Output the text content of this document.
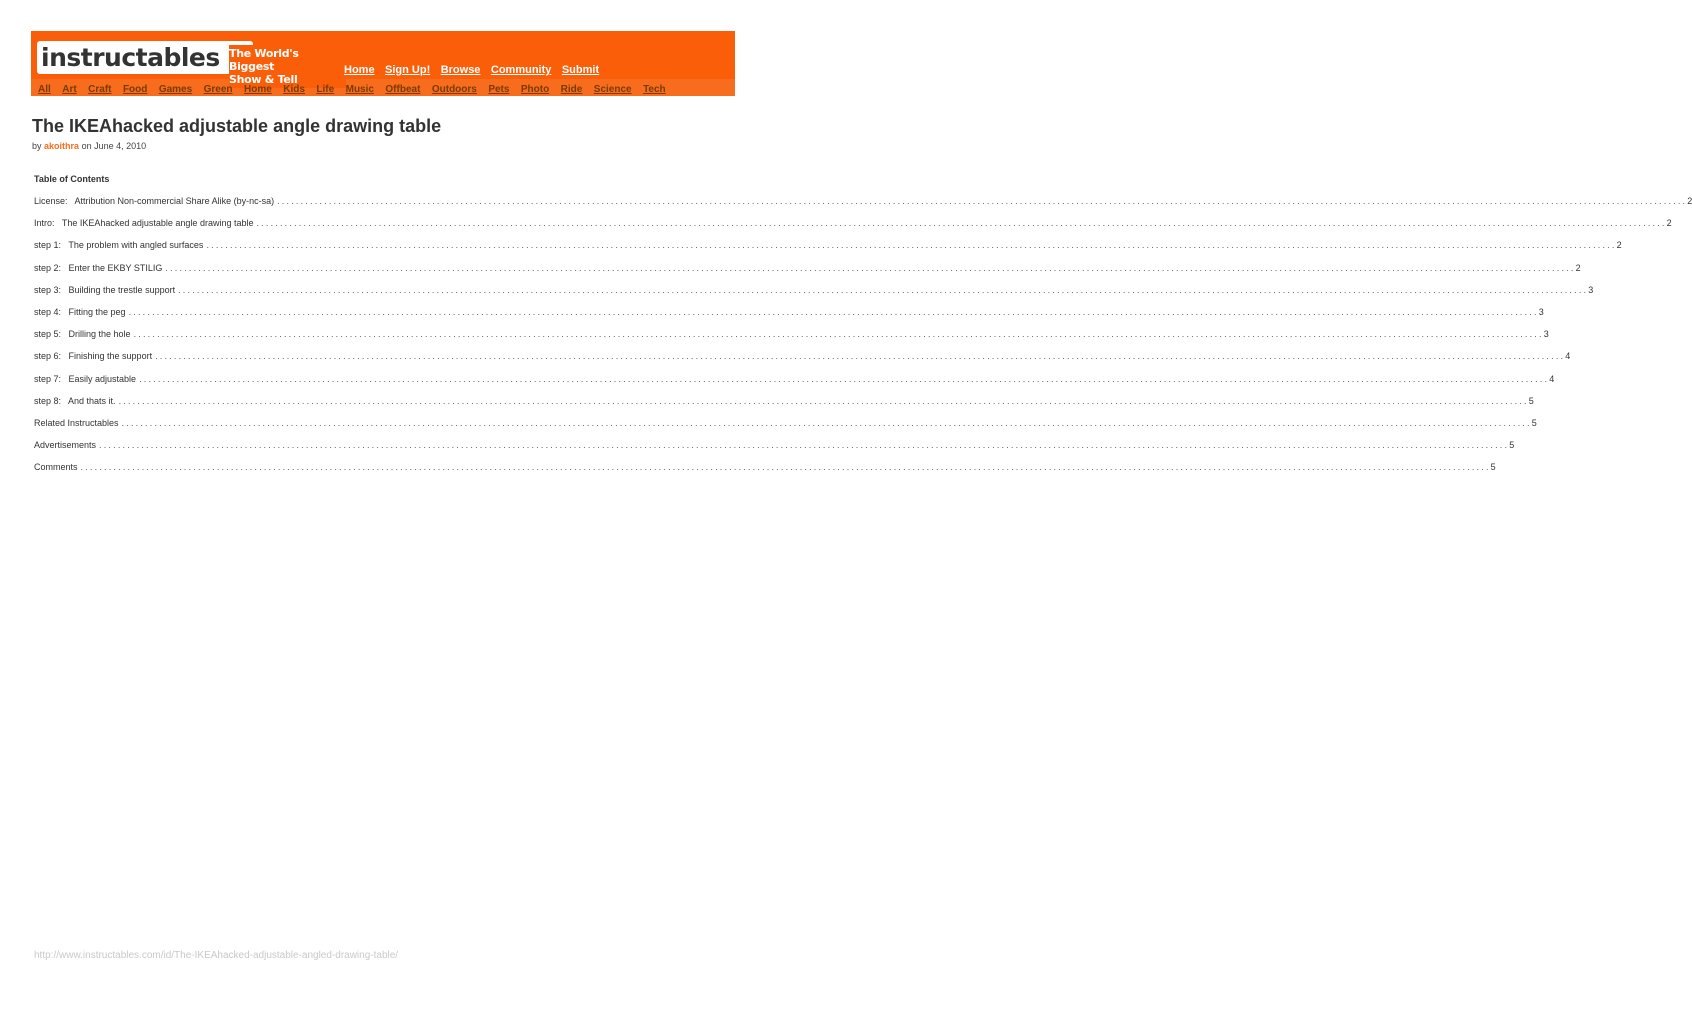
instructables The World's Biggest
Show & Tell
Home Sign Up! Browse Community Submit
All Art Craft Food Games Green Home Kids Life Music Offbeat Outdoors Pets Photo Ride Science Tech
The IKEAhacked adjustable angle drawing table
by akoithra on June 4, 2010
Table of Contents
License:   Attribution Non-commercial Share Alike (by-nc-sa) ............................................................................................................................................................................................................................................................................................................ 2
Intro:   The IKEAhacked adjustable angle drawing table ............................................................................................................................................................................................................................................................................................................ 2
step 1:   The problem with angled surfaces ............................................................................................................................................................................................................................................................................................................ 2
step 2:   Enter the EKBY STILIG ............................................................................................................................................................................................................................................................................................................ 2
step 3:   Building the trestle support ............................................................................................................................................................................................................................................................................................................ 3
step 4:   Fitting the peg ............................................................................................................................................................................................................................................................................................................ 3
step 5:   Drilling the hole ............................................................................................................................................................................................................................................................................................................ 3
step 6:   Finishing the support ............................................................................................................................................................................................................................................................................................................ 4
step 7:   Easily adjustable ............................................................................................................................................................................................................................................................................................................ 4
step 8:   And thats it. ............................................................................................................................................................................................................................................................................................................ 5
Related Instructables ............................................................................................................................................................................................................................................................................................................ 5
Advertisements ............................................................................................................................................................................................................................................................................................................ 5
Comments ............................................................................................................................................................................................................................................................................................................ 5
http://www.instructables.com/id/The-IKEAhacked-adjustable-angled-drawing-table/
